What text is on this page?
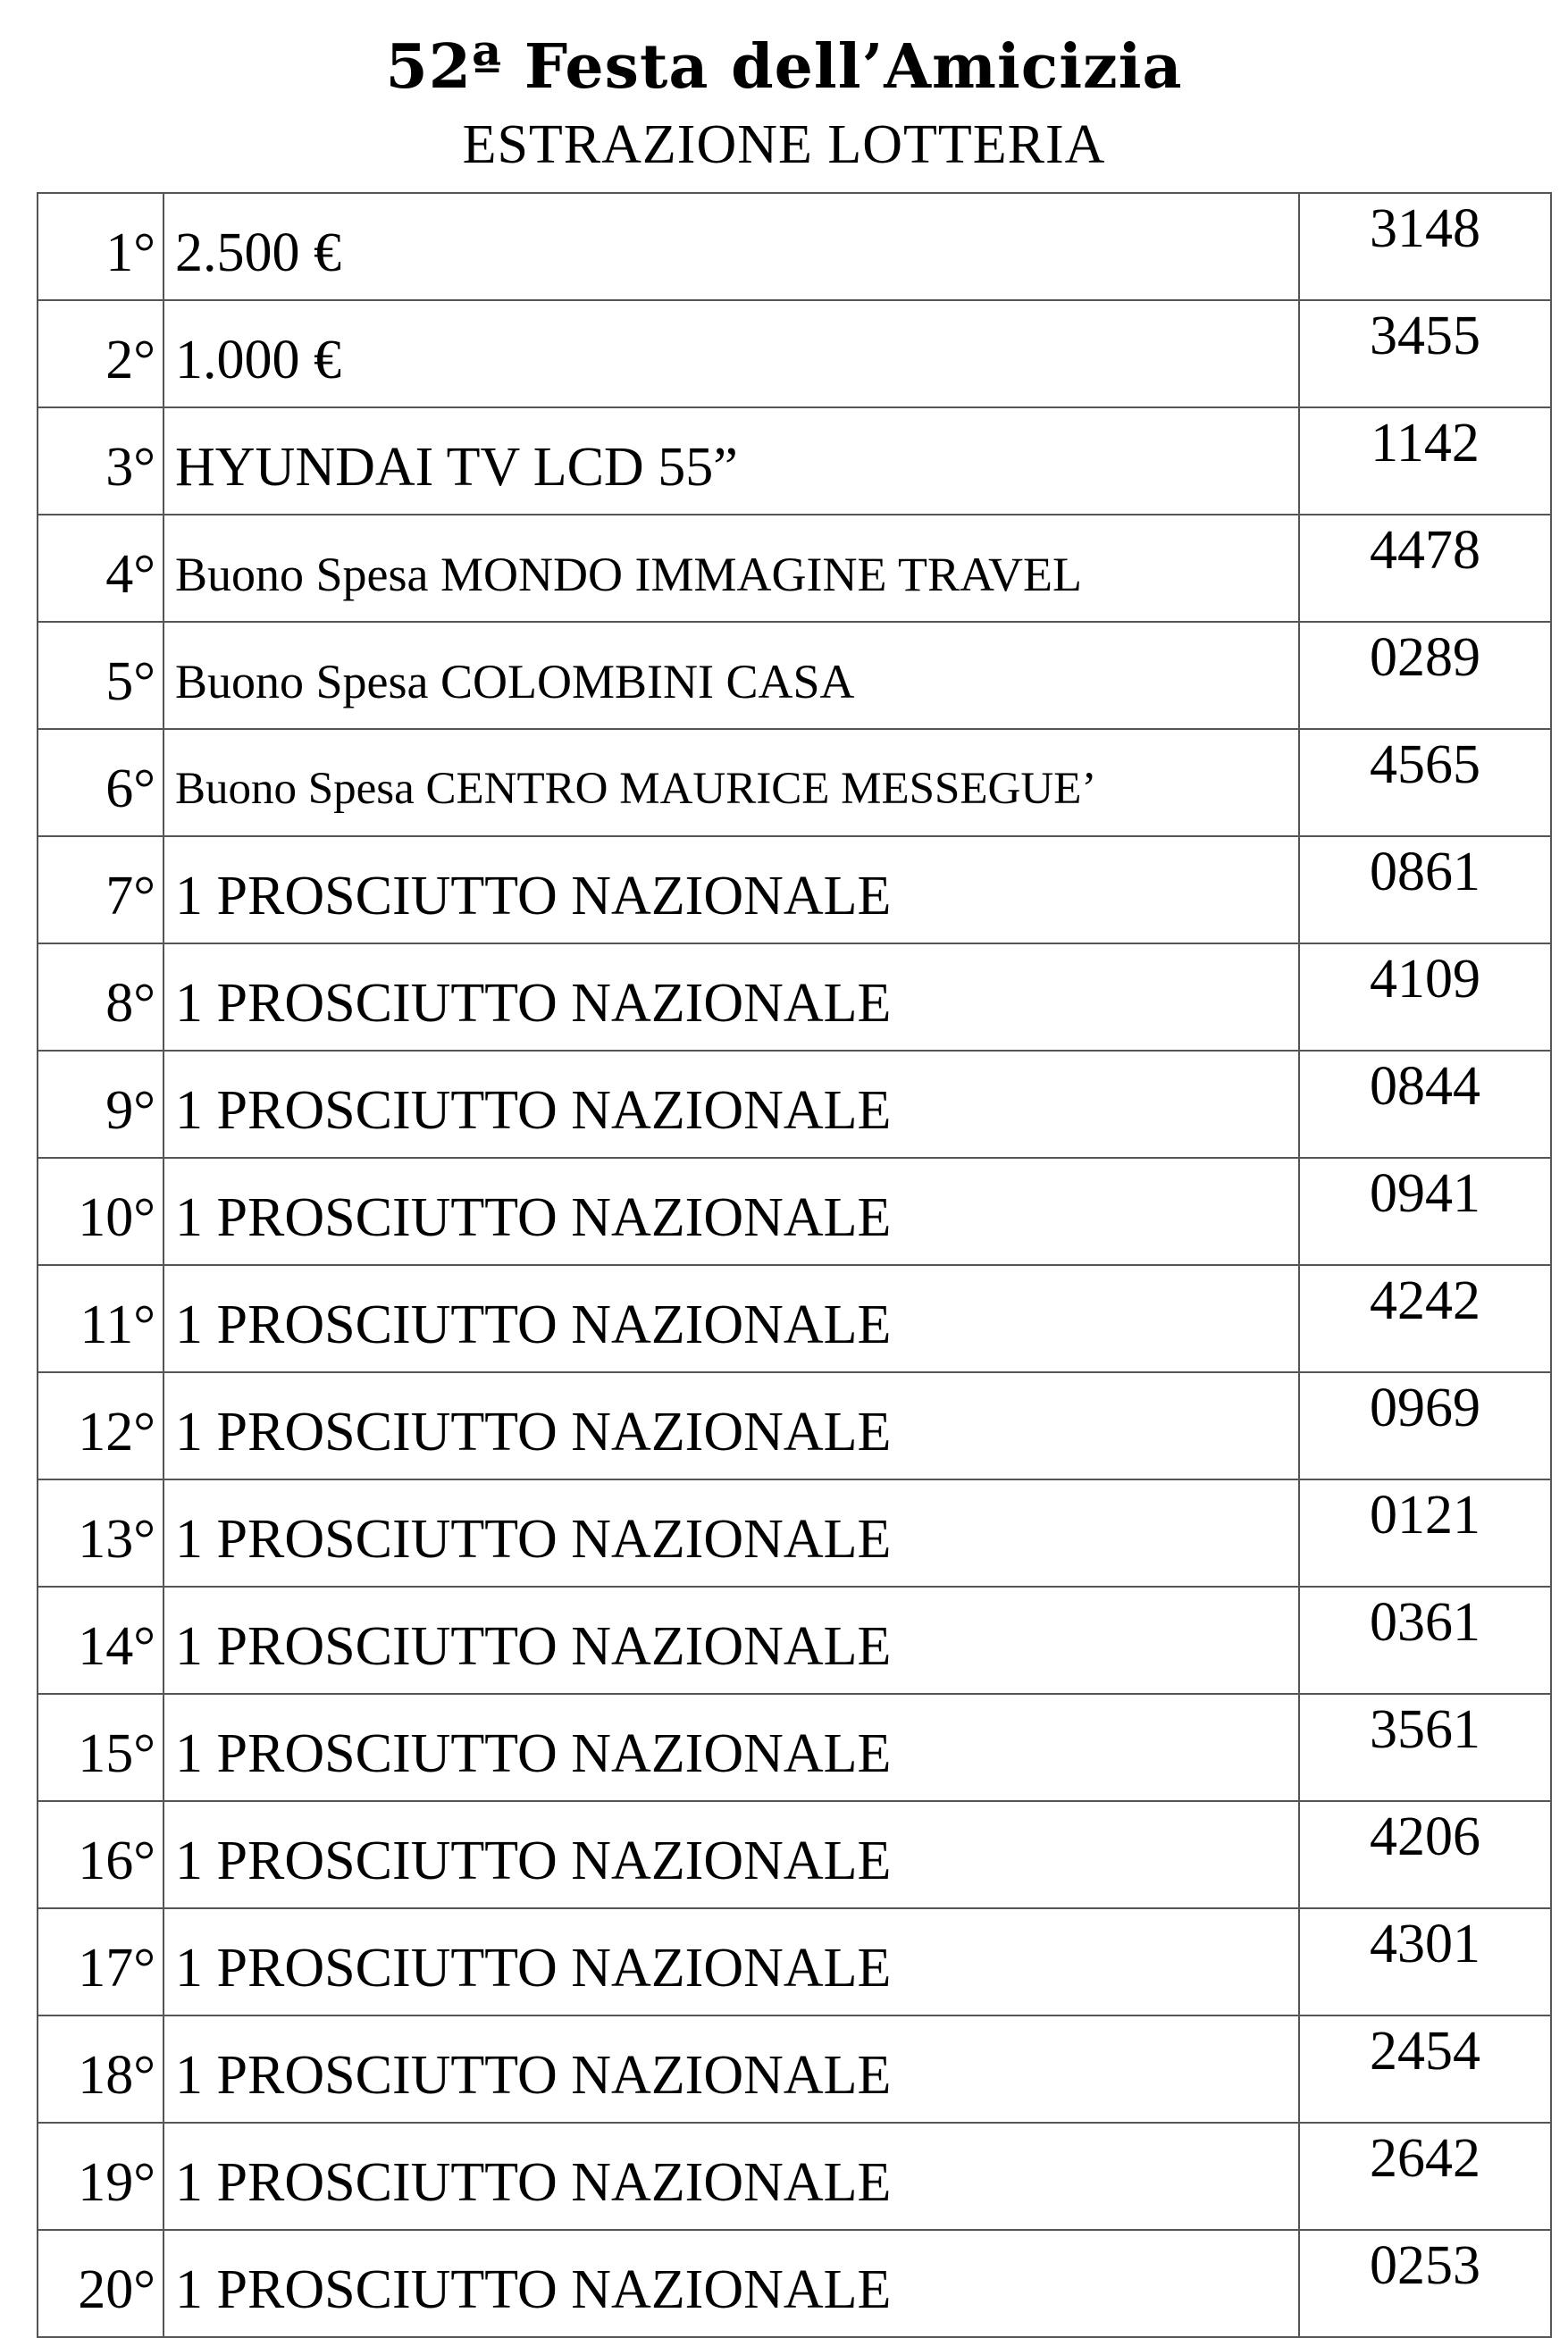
52ª Festa dell’Amicizia
ESTRAZIONE LOTTERIA
1°	2.500 €	3148
2°	1.000 €	3455
3°	HYUNDAI TV LCD 55”	1142
4°	Buono Spesa MONDO IMMAGINE TRAVEL	4478
5°	Buono Spesa COLOMBINI CASA	0289
6°	Buono Spesa CENTRO MAURICE MESSEGUE’	4565
7°	1 PROSCIUTTO NAZIONALE	0861
8°	1 PROSCIUTTO NAZIONALE	4109
9°	1 PROSCIUTTO NAZIONALE	0844
10°	1 PROSCIUTTO NAZIONALE	0941
11°	1 PROSCIUTTO NAZIONALE	4242
12°	1 PROSCIUTTO NAZIONALE	0969
13°	1 PROSCIUTTO NAZIONALE	0121
14°	1 PROSCIUTTO NAZIONALE	0361
15°	1 PROSCIUTTO NAZIONALE	3561
16°	1 PROSCIUTTO NAZIONALE	4206
17°	1 PROSCIUTTO NAZIONALE	4301
18°	1 PROSCIUTTO NAZIONALE	2454
19°	1 PROSCIUTTO NAZIONALE	2642
20°	1 PROSCIUTTO NAZIONALE	0253
